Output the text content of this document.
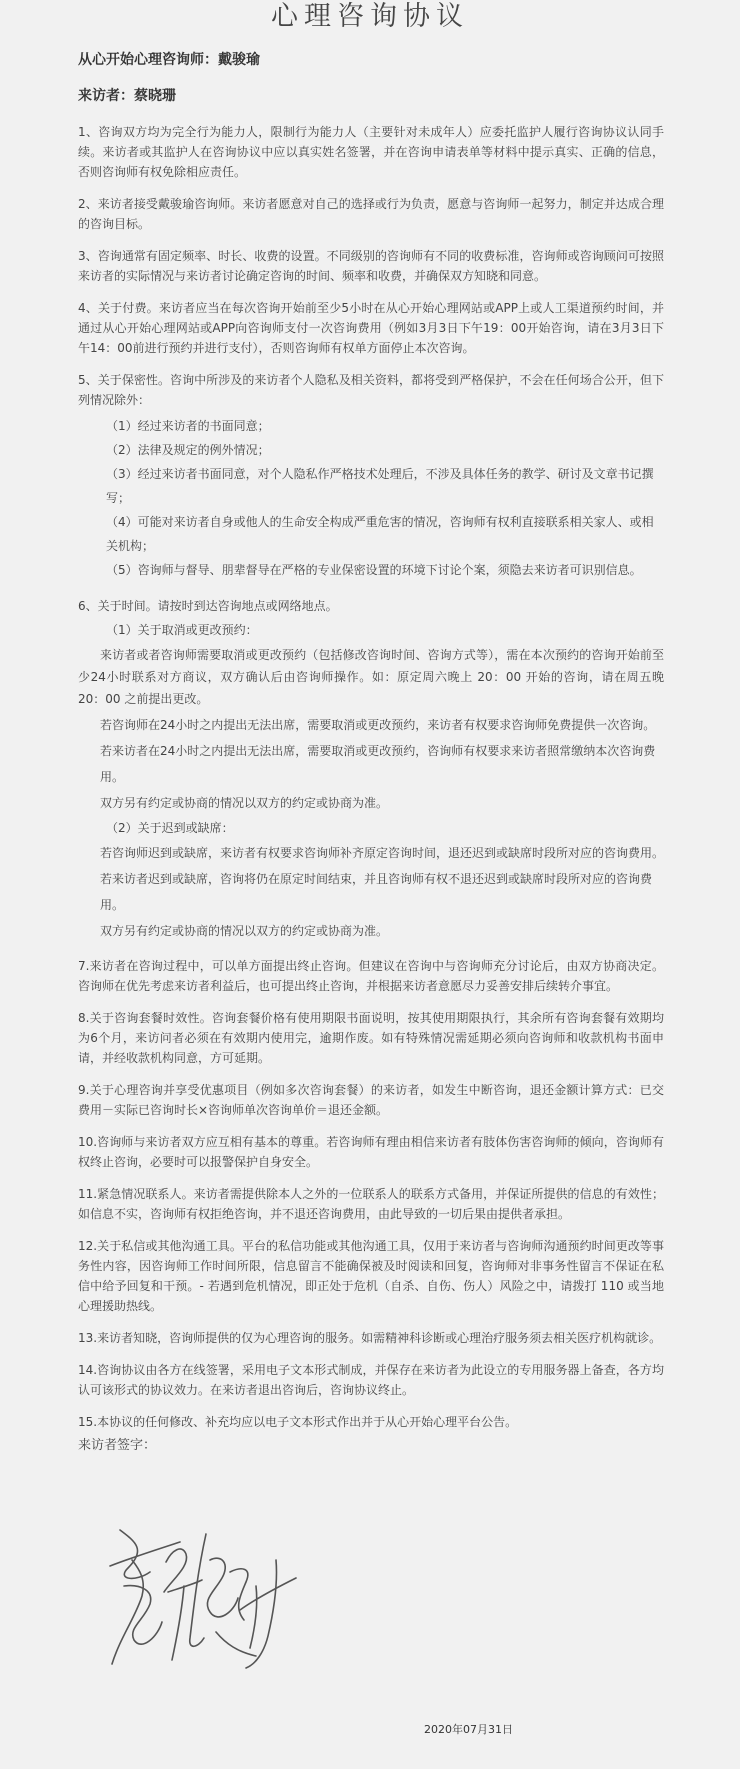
心理咨询协议
从心开始心理咨询师：戴骏瑜
来访者：蔡晓珊

1、咨询双方均为完全行为能力人，限制行为能力人（主要针对未成年人）应委托监护人履行咨询协议认同手续。来访者或其监护人在咨询协议中应以真实姓名签署，并在咨询申请表单等材料中提示真实、正确的信息，否则咨询师有权免除相应责任。

2、来访者接受戴骏瑜咨询师。来访者愿意对自己的选择或行为负责，愿意与咨询师一起努力，制定并达成合理的咨询目标。

3、咨询通常有固定频率、时长、收费的设置。不同级别的咨询师有不同的收费标准，咨询师或咨询顾问可按照来访者的实际情况与来访者讨论确定咨询的时间、频率和收费，并确保双方知晓和同意。

4、关于付费。来访者应当在每次咨询开始前至少5小时在从心开始心理网站或APP上或人工渠道预约时间，并通过从心开始心理网站或APP向咨询师支付一次咨询费用（例如3月3日下午19：00开始咨询，请在3月3日下午14：00前进行预约并进行支付），否则咨询师有权单方面停止本次咨询。

5、关于保密性。咨询中所涉及的来访者个人隐私及相关资料，都将受到严格保护，不会在任何场合公开，但下列情况除外：

（1）经过来访者的书面同意；
（2）法律及规定的例外情况；
（3）经过来访者书面同意，对个人隐私作严格技术处理后，不涉及具体任务的教学、研讨及文章书记撰写；
（4）可能对来访者自身或他人的生命安全构成严重危害的情况，咨询师有权利直接联系相关家人、或相关机构；
（5）咨询师与督导、朋辈督导在严格的专业保密设置的环境下讨论个案，须隐去来访者可识别信息。
6、关于时间。请按时到达咨询地点或网络地点。
（1）关于取消或更改预约：
来访者或者咨询师需要取消或更改预约（包括修改咨询时间、咨询方式等），需在本次预约的咨询开始前至少24小时联系对方商议，双方确认后由咨询师操作。如：原定周六晚上 20：00 开始的咨询，请在周五晚 20：00 之前提出更改。
若咨询师在24小时之内提出无法出席，需要取消或更改预约，来访者有权要求咨询师免费提供一次咨询。
若来访者在24小时之内提出无法出席，需要取消或更改预约，咨询师有权要求来访者照常缴纳本次咨询费用。
双方另有约定或协商的情况以双方的约定或协商为准。
（2）关于迟到或缺席：
若咨询师迟到或缺席，来访者有权要求咨询师补齐原定咨询时间，退还迟到或缺席时段所对应的咨询费用。
若来访者迟到或缺席，咨询将仍在原定时间结束，并且咨询师有权不退还迟到或缺席时段所对应的咨询费用。
双方另有约定或协商的情况以双方的约定或协商为准。

7.来访者在咨询过程中，可以单方面提出终止咨询。但建议在咨询中与咨询师充分讨论后，由双方协商决定。咨询师在优先考虑来访者利益后，也可提出终止咨询，并根据来访者意愿尽力妥善安排后续转介事宜。

8.关于咨询套餐时效性。咨询套餐价格有使用期限书面说明，按其使用期限执行，其余所有咨询套餐有效期均为6个月，来访问者必须在有效期内使用完，逾期作废。如有特殊情况需延期必须向咨询师和收款机构书面申请，并经收款机构同意，方可延期。

9.关于心理咨询并享受优惠项目（例如多次咨询套餐）的来访者，如发生中断咨询，退还金额计算方式：已交费用－实际已咨询时长×咨询师单次咨询单价＝退还金额。

10.咨询师与来访者双方应互相有基本的尊重。若咨询师有理由相信来访者有肢体伤害咨询师的倾向，咨询师有权终止咨询，必要时可以报警保护自身安全。

11.紧急情况联系人。来访者需提供除本人之外的一位联系人的联系方式备用，并保证所提供的信息的有效性；如信息不实，咨询师有权拒绝咨询，并不退还咨询费用，由此导致的一切后果由提供者承担。

12.关于私信或其他沟通工具。平台的私信功能或其他沟通工具，仅用于来访者与咨询师沟通预约时间更改等事务性内容，因咨询师工作时间所限，信息留言不能确保被及时阅读和回复，咨询师对非事务性留言不保证在私信中给予回复和干预。- 若遇到危机情况，即正处于危机（自杀、自伤、伤人）风险之中，请拨打 110 或当地心理援助热线。

13.来访者知晓，咨询师提供的仅为心理咨询的服务。如需精神科诊断或心理治疗服务须去相关医疗机构就诊。

14.咨询协议由各方在线签署，采用电子文本形式制成，并保存在来访者为此设立的专用服务器上备查，各方均认可该形式的协议效力。在来访者退出咨询后，咨询协议终止。

15.本协议的任何修改、补充均应以电子文本形式作出并于从心开始心理平台公告。

来访者签字：
2020年07月31日
